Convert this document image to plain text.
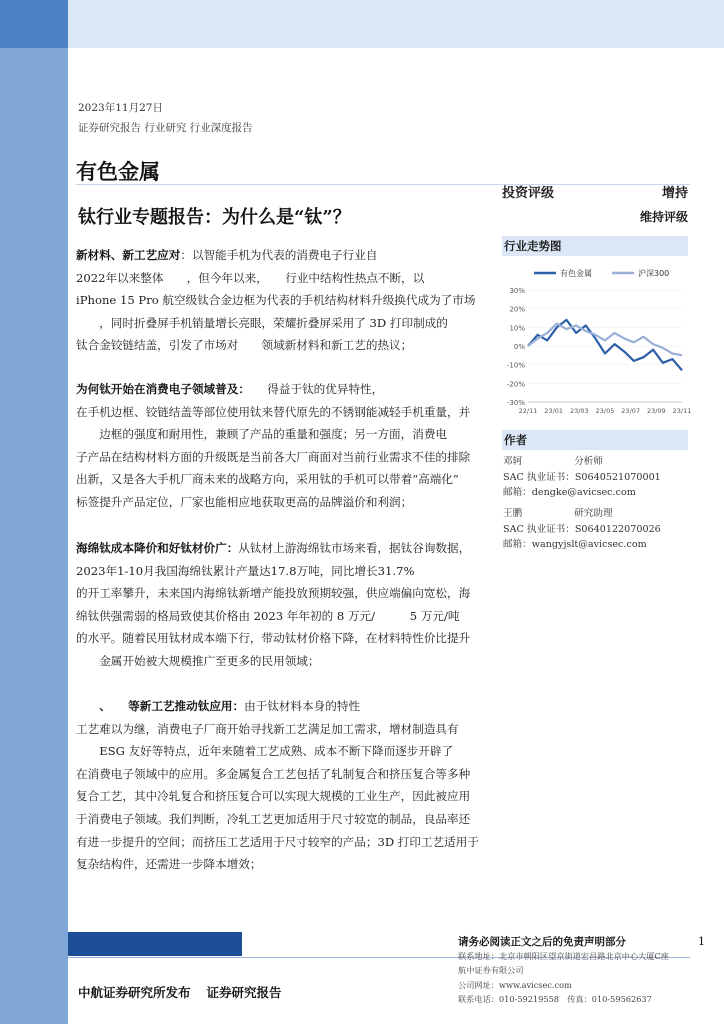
2023年11月27日
证券研究报告 行业研究 行业深度报告
有色金属
钛行业专题报告：为什么是“钛”？
投资评级	增持
维持评级

新材料、新工艺应对：以智能手机为代表的消费电子行业自

2022年以来整体　　，但今年以来，　　行业中结构性热点不断，以

iPhone 15 Pro 航空级钛合金边框为代表的手机结构材料升级换代成为了市场

　　，同时折叠屏手机销量增长亮眼，荣耀折叠屏采用了 3D 打印制成的

钛合金铰链结盖，引发了市场对　　领域新材料和新工艺的热议；

为何钛开始在消费电子领域普及：　　得益于钛的优异特性，

在手机边框、铰链结盖等部位使用钛来替代原先的不锈钢能减轻手机重量，并

　　边框的强度和耐用性，兼顾了产品的重量和强度；另一方面，消费电

子产品在结构材料方面的升级既是当前各大厂商面对当前行业需求不佳的排除

出新，又是各大手机厂商未来的战略方向，采用钛的手机可以带着“高端化”

标签提升产品定位，厂家也能相应地获取更高的品牌溢价和利润；

海绵钛成本降价和好钛材价广：从钛材上游海绵钛市场来看，据钛谷询数据，

2023年1-10月我国海绵钛累计产量达17.8万吨，同比增长31.7%

的开工率攀升，未来国内海绵钛新增产能投放预期较强，供应端偏向宽松，海

绵钛供强需弱的格局致使其价格由 2023 年年初的 8 万元/　　　5 万元/吨

的水平。随着民用钛材成本端下行，带动钛材价格下降，在材料特性价比提升

　　金属开始被大规模推广至更多的民用领域；

　　、　　等新工艺推动钛应用：由于钛材料本身的特性

工艺难以为继，消费电子厂商开始寻找新工艺满足加工需求，增材制造具有

　　ESG 友好等特点，近年来随着工艺成熟、成本不断下降而逐步开辟了

在消费电子领域中的应用。多金属复合工艺包括了轧制复合和挤压复合等多种

复合工艺，其中冷轧复合和挤压复合可以实现大规模的工业生产，因此被应用

于消费电子领域。我们判断，冷轧工艺更加适用于尺寸较宽的制品，良品率还

有进一步提升的空间；而挤压工艺适用于尺寸较窄的产品；3D 打印工艺适用于

复杂结构件，还需进一步降本增效；

行业走势图
有色金属	沪深300
30%
20%
10%
0%
-10%
-20%
-30%
22/11 23/01 23/03 23/05 23/07 23/09 23/11
作者
邓轲	分析师
SAC 执业证书：S0640521070001
邮箱：dengke@avicsec.com
王鹏	研究助理
SAC 执业证书：S0640122070026
邮箱：wangyjslt@avicsec.com
请务必阅读正文之后的免责声明部分	1
联系地址：北京市朝阳区望京街道宏昌路北京中心大厦C座
航中证券有限公司
公司网址：www.avicsec.com
联系电话：010-59219558　传真：010-59562637
中航证券研究所发布 证券研究报告
